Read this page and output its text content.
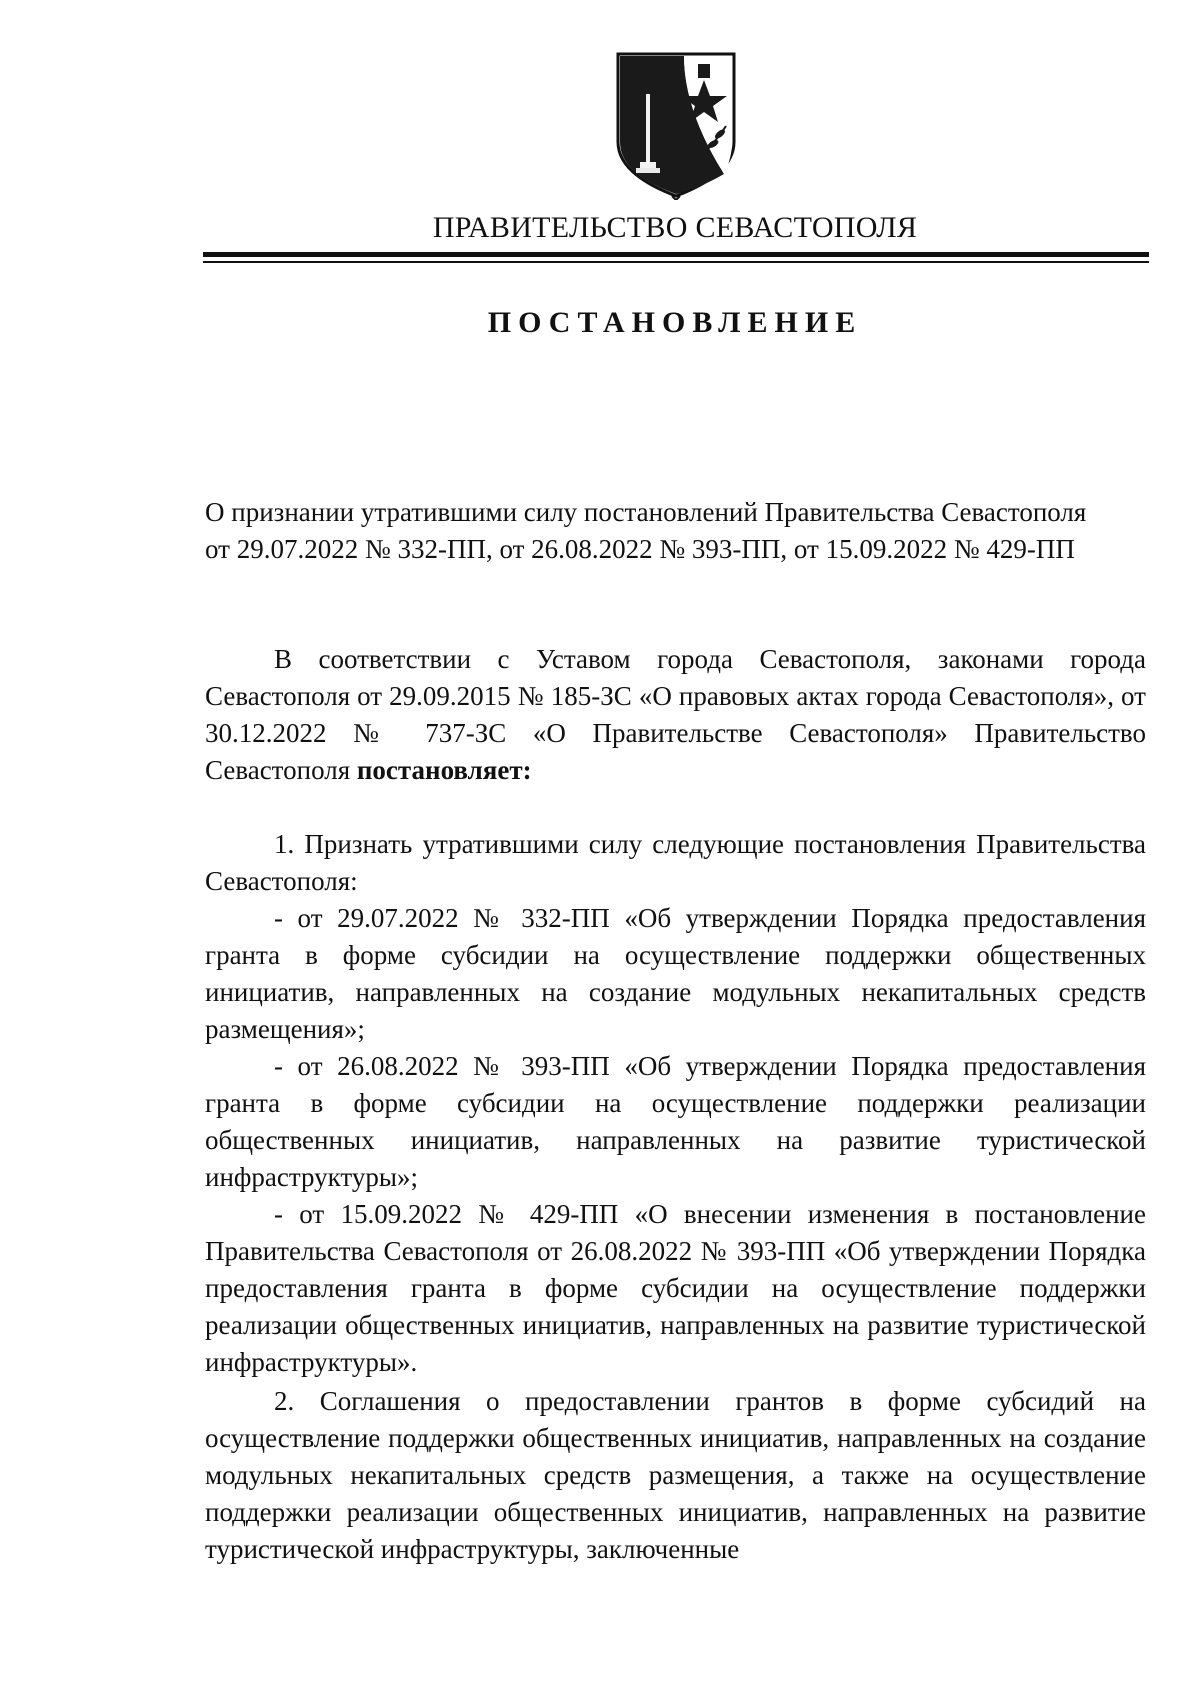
ПРАВИТЕЛЬСТВО СЕВАСТОПОЛЯ
ПОСТАНОВЛЕНИЕ
О признании утратившими силу постановлений Правительства Севастополя
от 29.07.2022 № 332-ПП, от 26.08.2022 № 393-ПП, от 15.09.2022 № 429-ПП

В соответствии с Уставом города Севастополя, законами города Севастополя от 29.09.2015 № 185-ЗС «О правовых актах города Севастополя», от 30.12.2022 № 737-ЗС «О Правительстве Севастополя» Правительство Севастополя постановляет:

1. Признать утратившими силу следующие постановления Правительства Севастополя:

- от 29.07.2022 № 332-ПП «Об утверждении Порядка предоставления гранта в форме субсидии на осуществление поддержки общественных инициатив, направленных на создание модульных некапитальных средств размещения»;

- от 26.08.2022 № 393-ПП «Об утверждении Порядка предоставления гранта в форме субсидии на осуществление поддержки реализации общественных инициатив, направленных на развитие туристической инфраструктуры»;

- от 15.09.2022 № 429-ПП «О внесении изменения в постановление Правительства Севастополя от 26.08.2022 № 393-ПП «Об утверждении Порядка предоставления гранта в форме субсидии на осуществление поддержки реализации общественных инициатив, направленных на развитие туристической инфраструктуры».

2. Соглашения о предоставлении грантов в форме субсидий на осуществление поддержки общественных инициатив, направленных на создание модульных некапитальных средств размещения, а также на осуществление поддержки реализации общественных инициатив, направленных на развитие туристической инфраструктуры, заключенные
